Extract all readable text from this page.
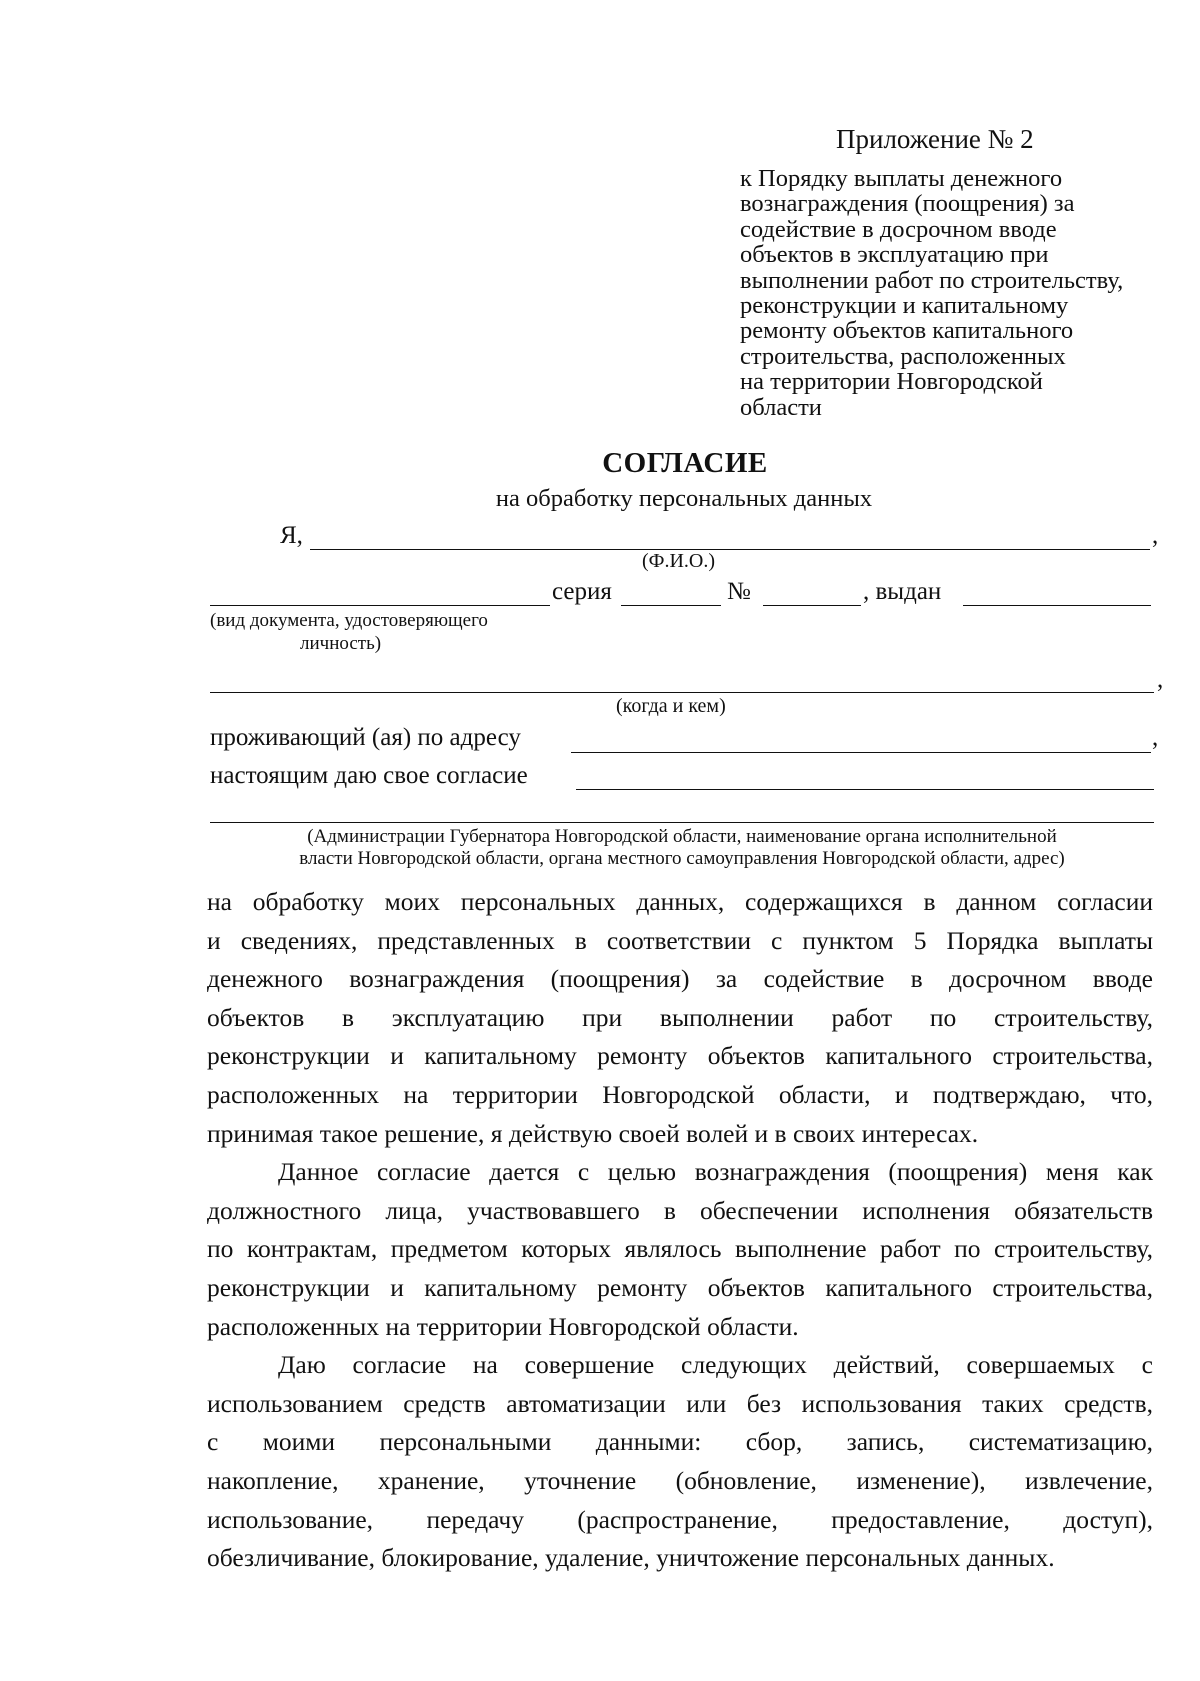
Приложение № 2
к Порядку выплаты денежного
вознаграждения (поощрения) за
содействие в досрочном вводе
объектов в эксплуатацию при
выполнении работ по строительству,
реконструкции и капитальному
ремонту объектов капитального
строительства, расположенных
на территории Новгородской
области
СОГЛАСИЕ
на обработку персональных данных
Я,	,
(Ф.И.О.)
серия	№	, выдан
(вид документа, удостоверяющего
личность)
,
(когда и кем)
проживающий (ая) по адресу	,
настоящим даю свое согласие
(Администрации Губернатора Новгородской области, наименование органа исполнительной
власти Новгородской области, органа местного самоуправления Новгородской области, адрес)

на обработку моих персональных данных, содержащихся в данном согласии
и сведениях, представленных в соответствии с пунктом 5 Порядка выплаты
денежного вознаграждения (поощрения) за содействие в досрочном вводе
объектов в эксплуатацию при выполнении работ по строительству,
реконструкции и капитальному ремонту объектов капитального строительства,
расположенных на территории Новгородской области, и подтверждаю, что,
принимая такое решение, я действую своей волей и в своих интересах.

Данное согласие дается с целью вознаграждения (поощрения) меня как
должностного лица, участвовавшего в обеспечении исполнения обязательств
по контрактам, предметом которых являлось выполнение работ по строительству,
реконструкции и капитальному ремонту объектов капитального строительства,
расположенных на территории Новгородской области.

Даю согласие на совершение следующих действий, совершаемых с
использованием средств автоматизации или без использования таких средств,
с моими персональными данными: сбор, запись, систематизацию,
накопление, хранение, уточнение (обновление, изменение), извлечение,
использование, передачу (распространение, предоставление, доступ),
обезличивание, блокирование, удаление, уничтожение персональных данных.
